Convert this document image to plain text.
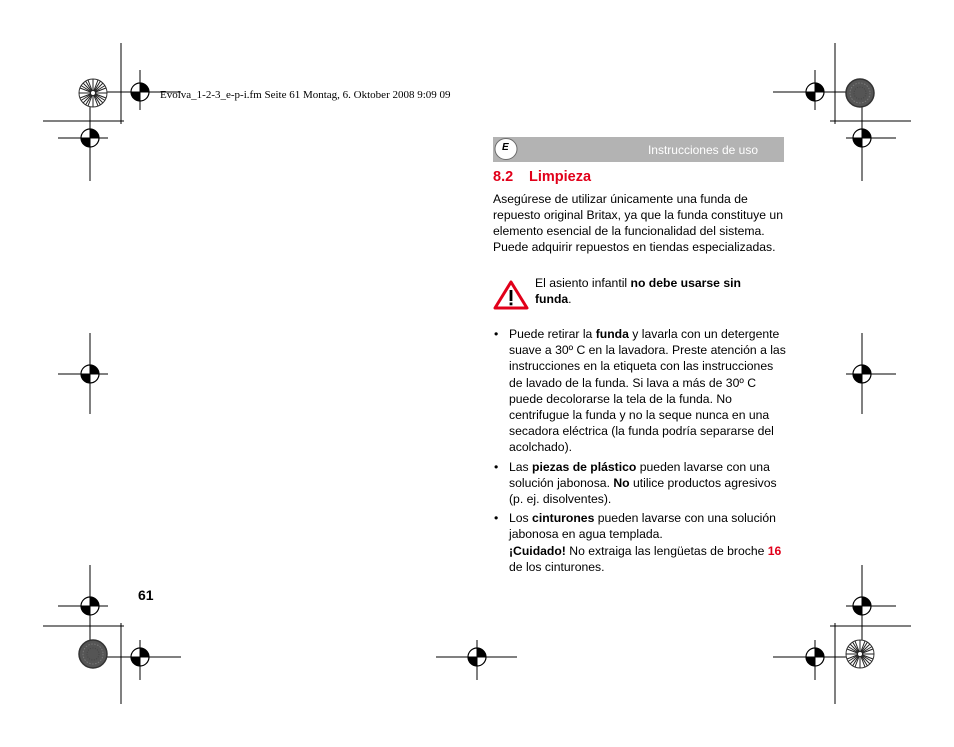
Evolva_1-2-3_e-p-i.fm Seite 61 Montag, 6. Oktober 2008 9:09 09
E	Instrucciones de uso
8.2 Limpieza
Asegúrese de utilizar únicamente una funda de repuesto original Britax, ya que la funda constituye un elemento esencial de la funcionalidad del sistema. Puede adquirir repuestos en tiendas especializadas.
El asiento infantil no debe usarse sin funda.
• Puede retirar la funda y lavarla con un detergente suave a 30º C en la lavadora. Preste atención a las instrucciones en la etiqueta con las instrucciones de lavado de la funda. Si lava a más de 30º C puede decolorarse la tela de la funda. No centrifugue la funda y no la seque nunca en una secadora eléctrica (la funda podría separarse del acolchado).
• Las piezas de plástico pueden lavarse con una solución jabonosa. No utilice productos agresivos (p. ej. disolventes).
• Los cinturones pueden lavarse con una solución jabonosa en agua templada.
¡Cuidado! No extraiga las lengüetas de broche 16 de los cinturones.
61
